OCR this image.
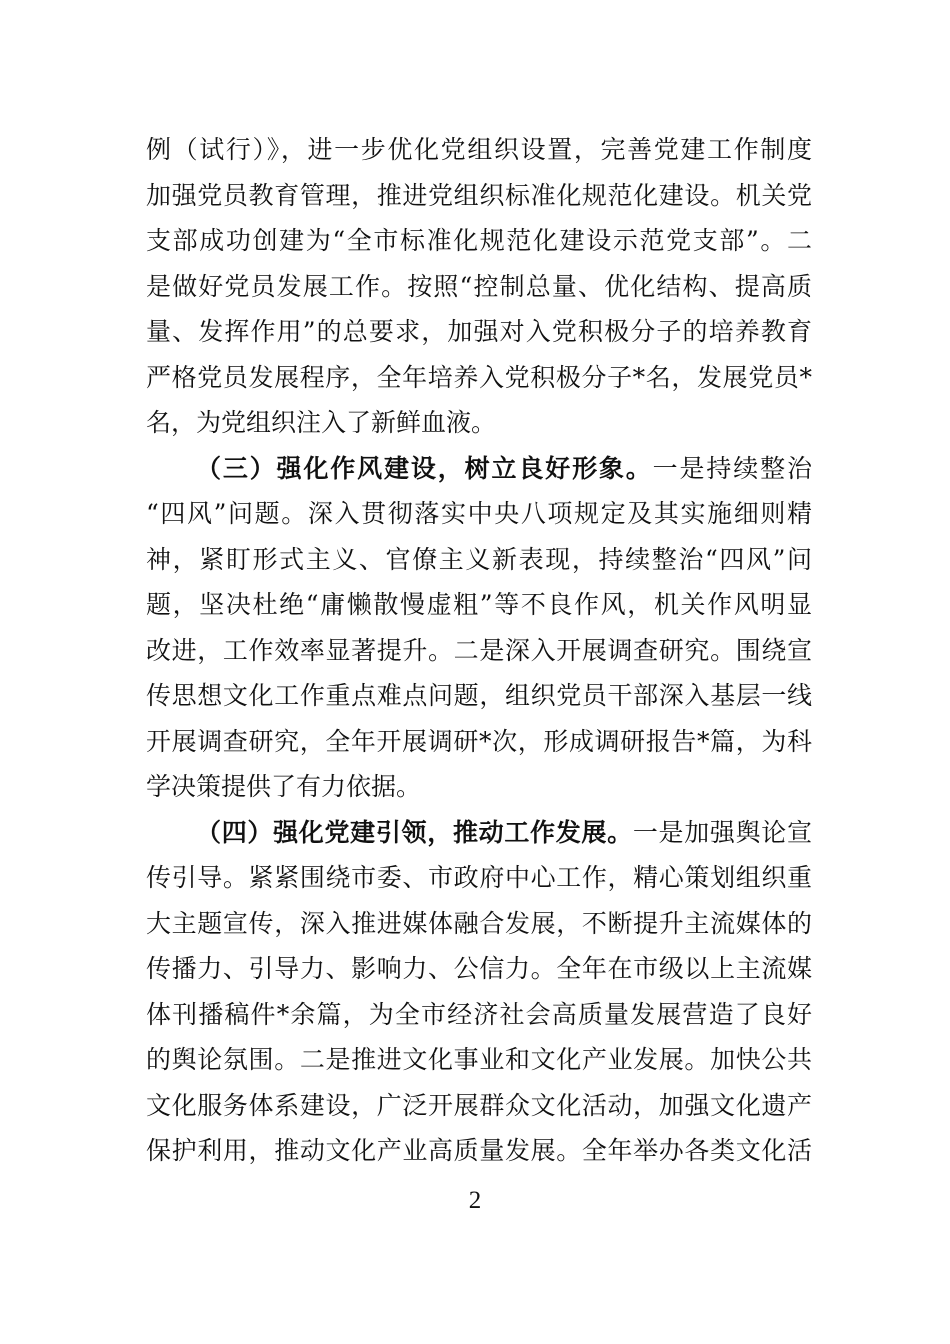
例（试行）》，进一步优化党组织设置，完善党建工作制度
加强党员教育管理，推进党组织标准化规范化建设。机关党
支部成功创建为“全市标准化规范化建设示范党支部”。二
是做好党员发展工作。按照“控制总量、优化结构、提高质
量、发挥作用”的总要求，加强对入党积极分子的培养教育
严格党员发展程序，全年培养入党积极分子*名，发展党员*
名，为党组织注入了新鲜血液。
（三）强化作风建设，树立良好形象。一是持续整治
“四风”问题。深入贯彻落实中央八项规定及其实施细则精
神，紧盯形式主义、官僚主义新表现，持续整治“四风”问
题，坚决杜绝“庸懒散慢虚粗”等不良作风，机关作风明显
改进，工作效率显著提升。二是深入开展调查研究。围绕宣
传思想文化工作重点难点问题，组织党员干部深入基层一线
开展调查研究，全年开展调研*次，形成调研报告*篇，为科
学决策提供了有力依据。
（四）强化党建引领，推动工作发展。一是加强舆论宣
传引导。紧紧围绕市委、市政府中心工作，精心策划组织重
大主题宣传，深入推进媒体融合发展，不断提升主流媒体的
传播力、引导力、影响力、公信力。全年在市级以上主流媒
体刊播稿件*余篇，为全市经济社会高质量发展营造了良好
的舆论氛围。二是推进文化事业和文化产业发展。加快公共
文化服务体系建设，广泛开展群众文化活动，加强文化遗产
保护利用，推动文化产业高质量发展。全年举办各类文化活
2
